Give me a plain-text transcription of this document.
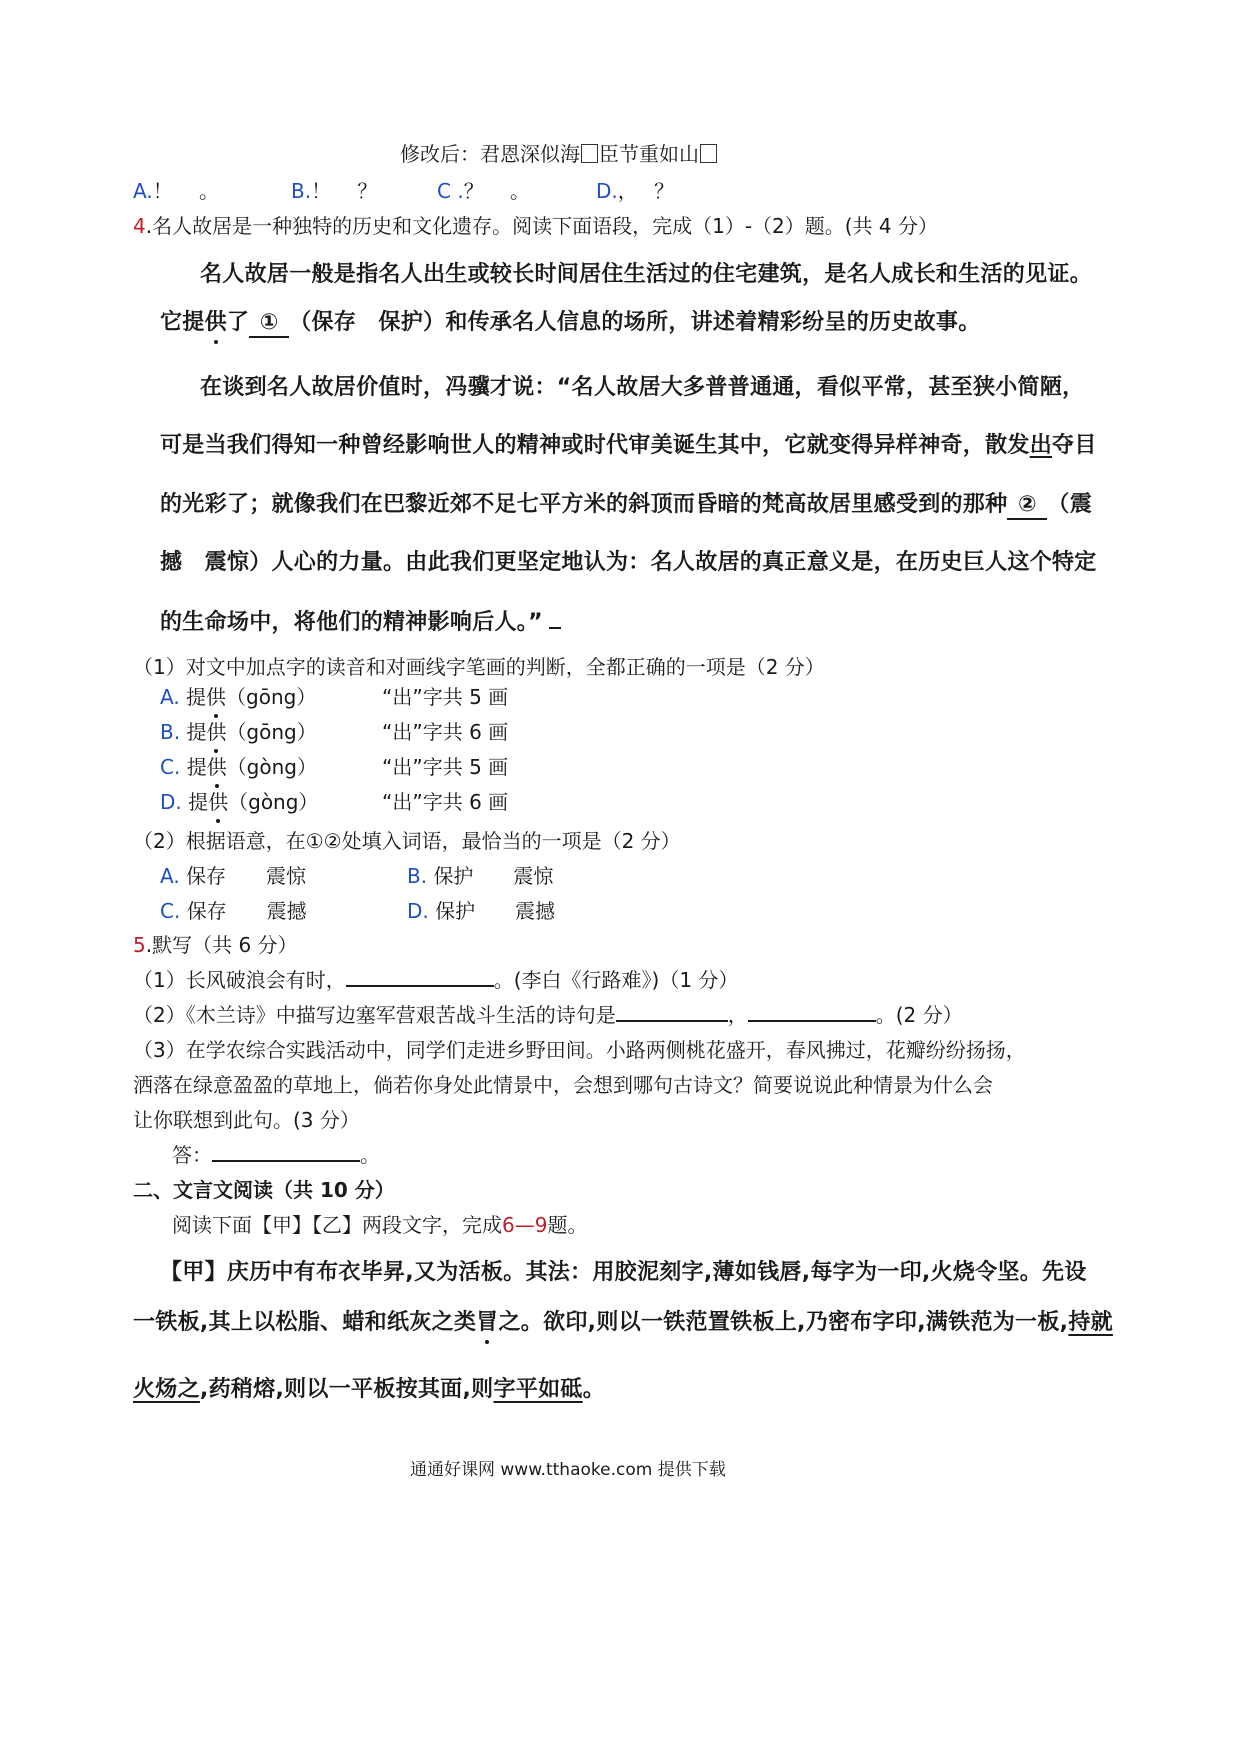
修改后：君恩深似海 臣节重如山
A.！　 。	B.！　 ？	C .？　 。	D.，　 ？
4.名人故居是一种独特的历史和文化遗存。阅读下面语段，完成（1）-（2）题。(共 4 分）
名人故居一般是指名人出生或较长时间居住生活过的住宅建筑，是名人成长和生活的见证。
它提供了 ① （保存　保护）和传承名人信息的场所，讲述着精彩纷呈的历史故事。
在谈到名人故居价值时，冯骥才说：“名人故居大多普普通通，看似平常，甚至狭小简陋，
可是当我们得知一种曾经影响世人的精神或时代审美诞生其中，它就变得异样神奇，散发出夺目
的光彩了；就像我们在巴黎近郊不足七平方米的斜顶而昏暗的梵高故居里感受到的那种 ② （震
撼　震惊）人心的力量。由此我们更坚定地认为：名人故居的真正意义是，在历史巨人这个特定
的生命场中，将他们的精神影响后人。”
（1）对文中加点字的读音和对画线字笔画的判断，全都正确的一项是（2 分）
A. 提供（gōng）	“出”字共 5 画
B. 提供（gōng）	“出”字共 6 画
C. 提供（gòng）	“出”字共 5 画
D. 提供（gòng）	“出”字共 6 画
（2）根据语意，在①②处填入词语，最恰当的一项是（2 分）
A. 保存　　震惊	B. 保护　　震惊
C. 保存　　震撼	D. 保护　　震撼
5.默写（共 6 分）
（1）长风破浪会有时，	。(李白《行路难》)（1 分）
（2）《木兰诗》中描写边塞军营艰苦战斗生活的诗句是	，	。(2 分）
（3）在学农综合实践活动中，同学们走进乡野田间。小路两侧桃花盛开，春风拂过，花瓣纷纷扬扬，
洒落在绿意盈盈的草地上，倘若你身处此情景中，会想到哪句古诗文？简要说说此种情景为什么会
让你联想到此句。(3 分）
答：	。
二、文言文阅读（共 10 分）
阅读下面【甲】【乙】两段文字，完成6—9题。
【甲】庆历中有布衣毕昇,又为活板。其法：用胶泥刻字,薄如钱唇,每字为一印,火烧令坚。先设
一铁板,其上以松脂、蜡和纸灰之类冒之。欲印,则以一铁范置铁板上,乃密布字印,满铁范为一板,持就
火炀之,药稍熔,则以一平板按其面,则字平如砥。
通通好课网 www.tthaoke.com 提供下载
